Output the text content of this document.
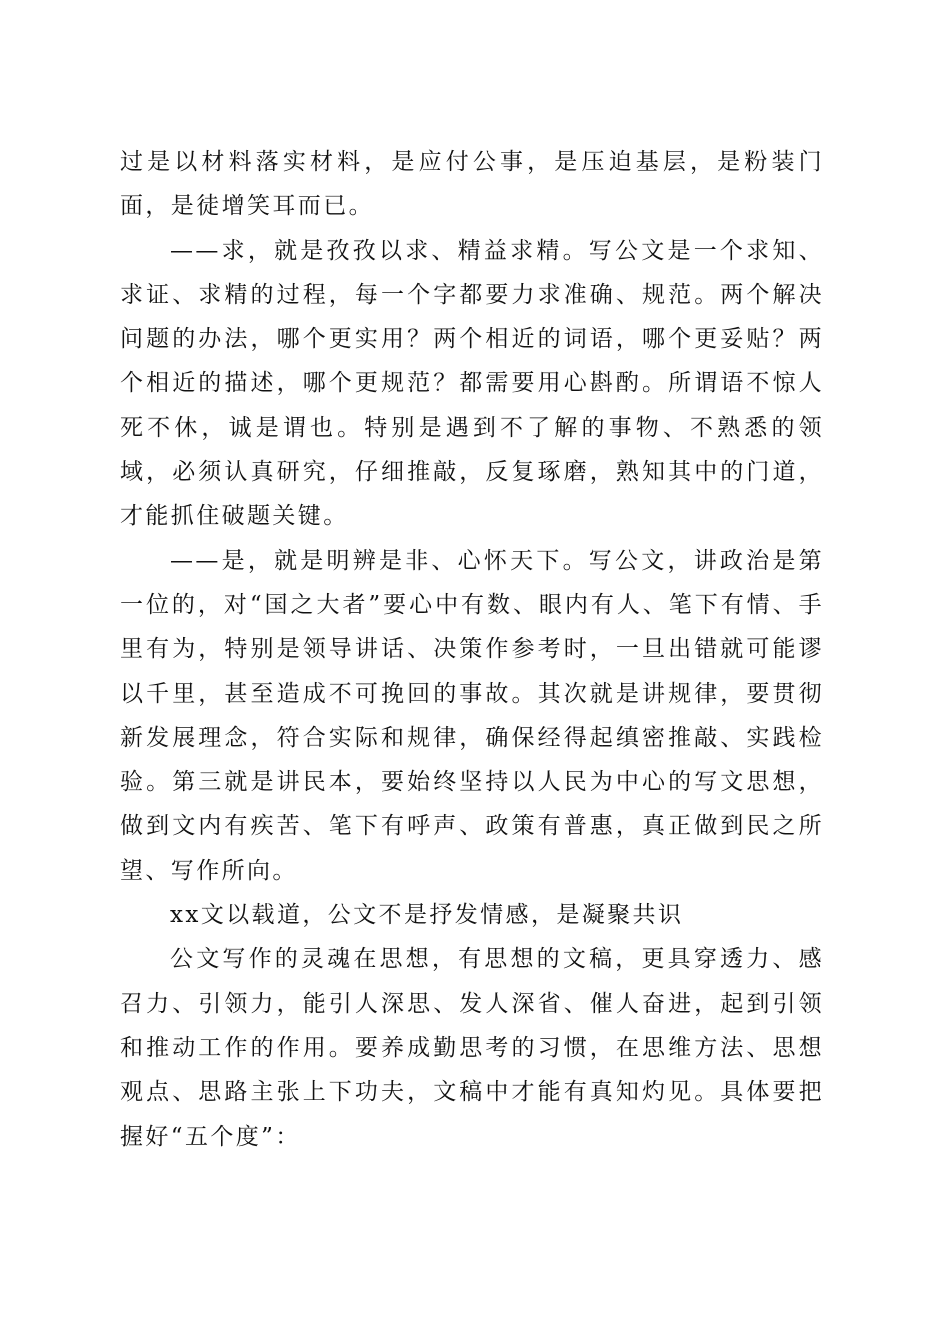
过是以材料落实材料，是应付公事，是压迫基层，是粉装门面，是徒增笑耳而已。

——求，就是孜孜以求、精益求精。写公文是一个求知、求证、求精的过程，每一个字都要力求准确、规范。两个解决问题的办法，哪个更实用？两个相近的词语，哪个更妥贴？两个相近的描述，哪个更规范？都需要用心斟酌。所谓语不惊人死不休，诚是谓也。特别是遇到不了解的事物、不熟悉的领域，必须认真研究，仔细推敲，反复琢磨，熟知其中的门道，才能抓住破题关键。

——是，就是明辨是非、心怀天下。写公文，讲政治是第一位的，对“国之大者”要心中有数、眼内有人、笔下有情、手里有为，特别是领导讲话、决策作参考时，一旦出错就可能谬以千里，甚至造成不可挽回的事故。其次就是讲规律，要贯彻新发展理念，符合实际和规律，确保经得起缜密推敲、实践检验。第三就是讲民本，要始终坚持以人民为中心的写文思想，做到文内有疾苦、笔下有呼声、政策有普惠，真正做到民之所望、写作所向。

xx文以载道，公文不是抒发情感，是凝聚共识

公文写作的灵魂在思想，有思想的文稿，更具穿透力、感召力、引领力，能引人深思、发人深省、催人奋进，起到引领和推动工作的作用。要养成勤思考的习惯，在思维方法、思想观点、思路主张上下功夫，文稿中才能有真知灼见。具体要把握好“五个度”：
